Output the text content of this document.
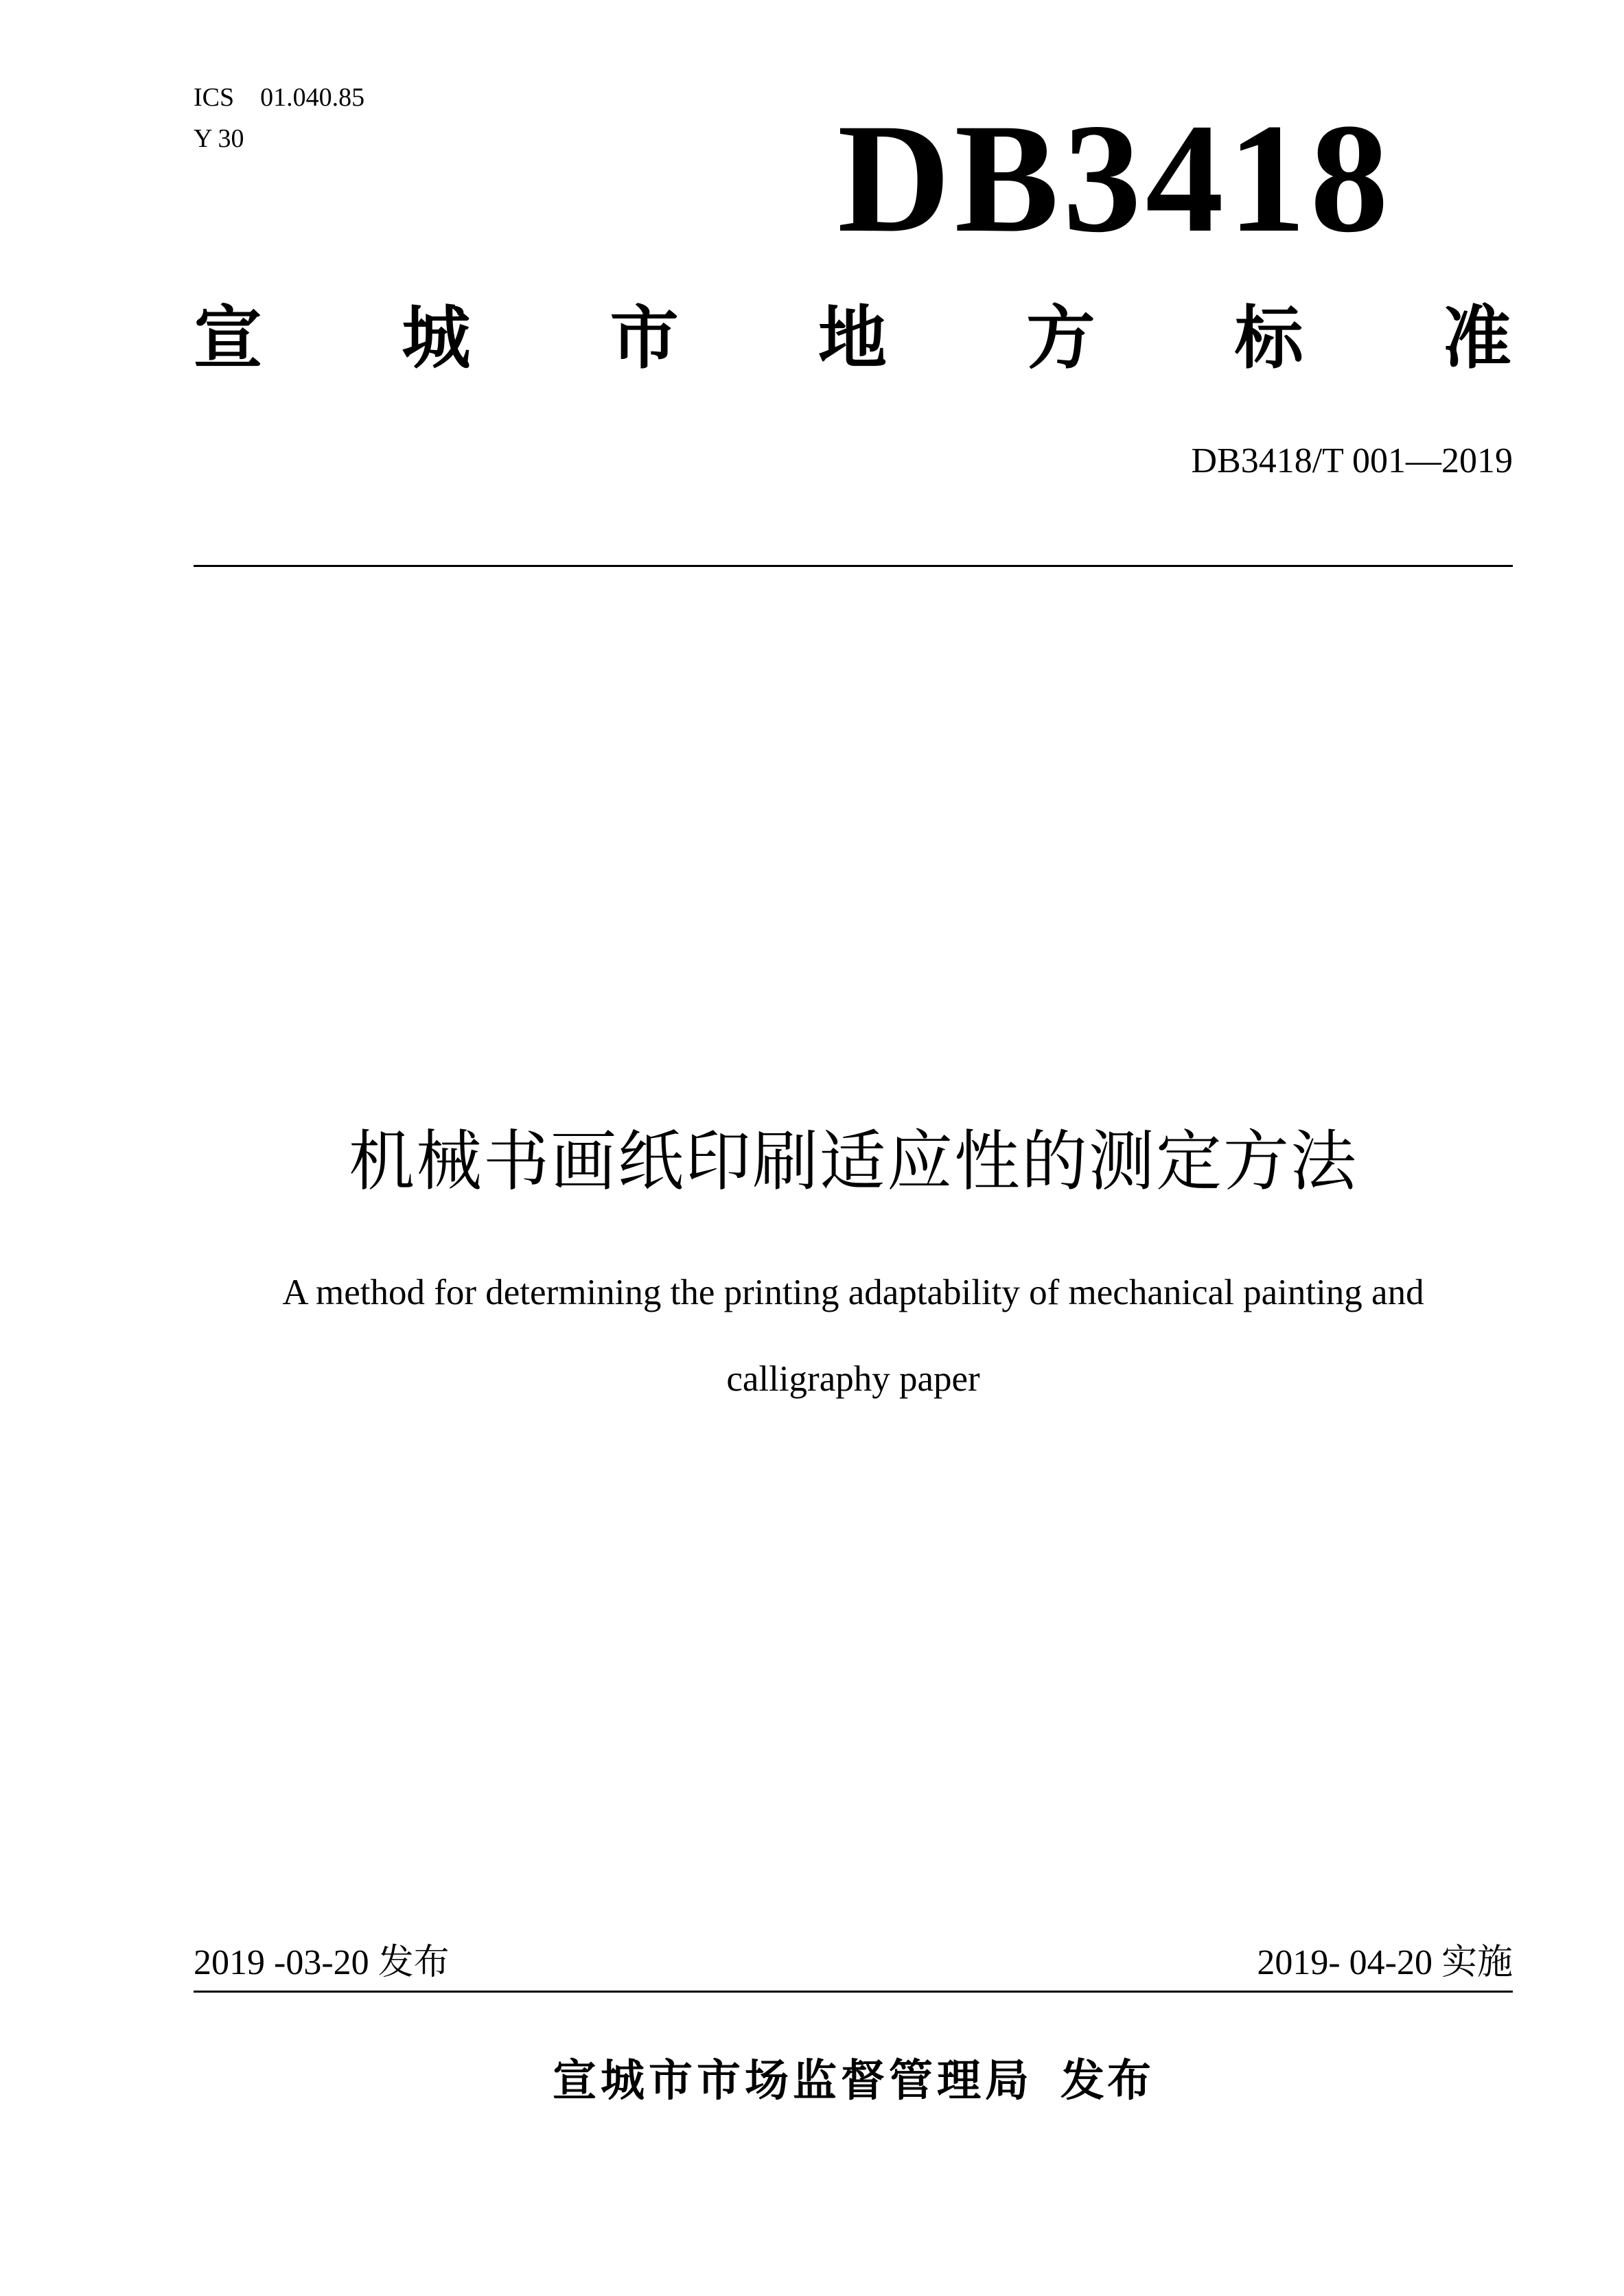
ICS 01.040.85
Y 30	DB3418
宣 城 市 地 方 标 准
DB3418/T 001—2019
机械书画纸印刷适应性的测定方法
A method for determining the printing adaptability of mechanical painting and
calligraphy paper
2019 -03-20 发布	2019- 04-20 实施
宣城市市场监督管理局 发布
